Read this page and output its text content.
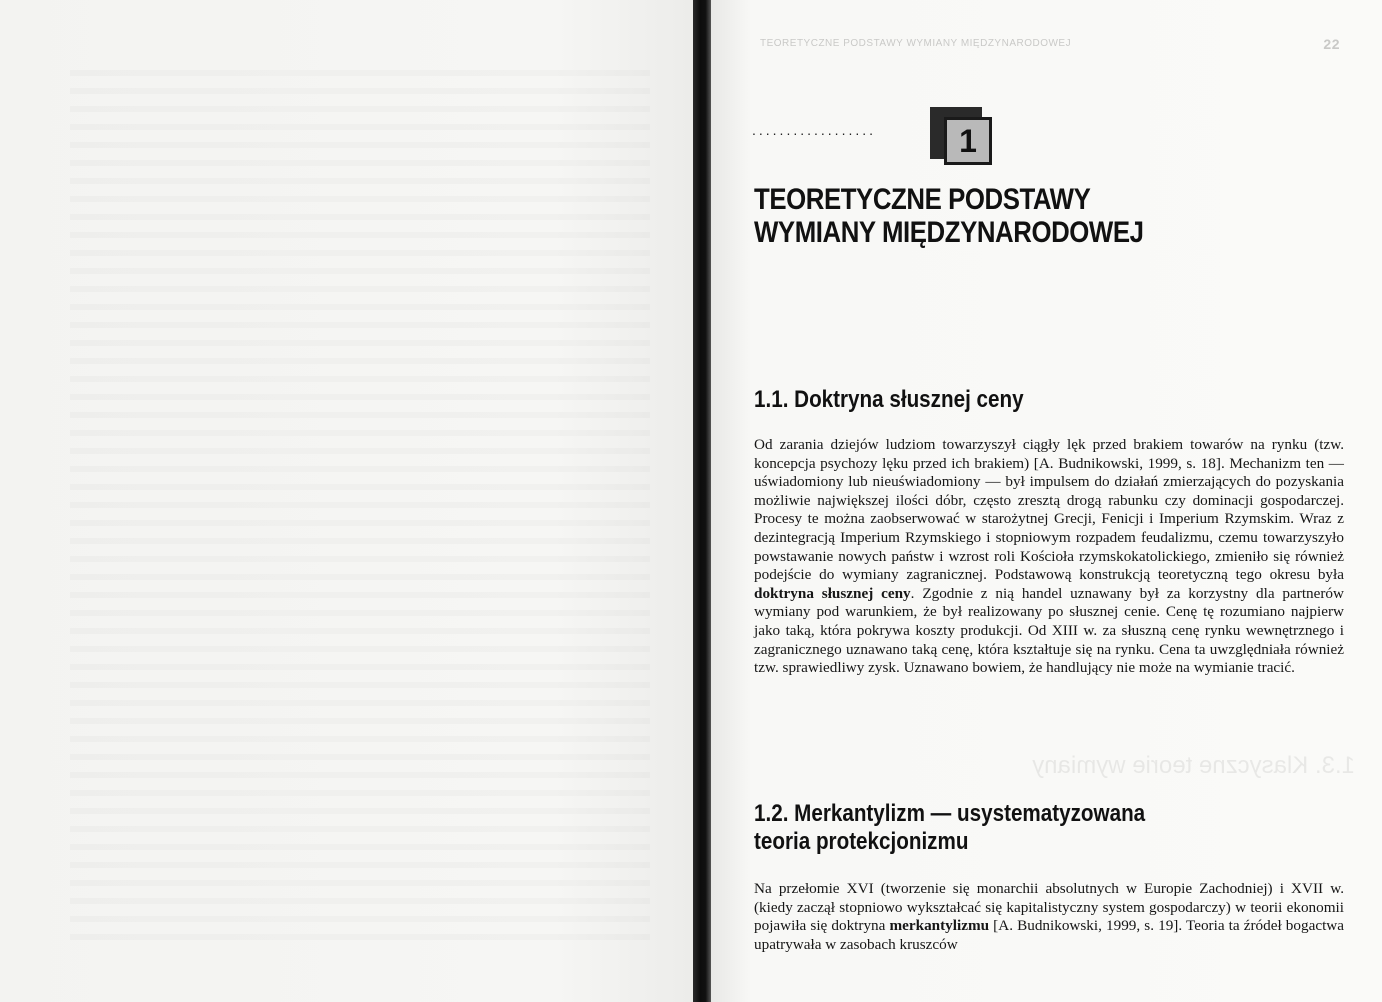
TEORETYCZNE PODSTAWY WYMIANY MIĘDZYNARODOWEJ	22
1.3. Klasyczne teorie wymiany
..................	1
TEORETYCZNE PODSTAWY
WYMIANY MIĘDZYNARODOWEJ
1.1. Doktryna słusznej ceny
Od zarania dziejów ludziom towarzyszył ciągły lęk przed brakiem towarów na rynku (tzw. koncepcja psychozy lęku przed ich brakiem) [A. Budnikowski, 1999, s. 18]. Mechanizm ten — uświadomiony lub nieuświadomiony — był impulsem do działań zmierzających do pozyskania możliwie największej ilości dóbr, często zresztą drogą rabunku czy dominacji gospodarczej. Procesy te można zaobserwować w starożytnej Grecji, Fenicji i Imperium Rzymskim. Wraz z dezintegracją Imperium Rzymskiego i stopniowym rozpadem feudalizmu, czemu towarzyszyło powstawanie nowych państw i wzrost roli Kościoła rzymskokatolickiego, zmieniło się również podejście do wymiany zagranicznej. Podstawową konstrukcją teoretyczną tego okresu była doktryna słusznej ceny. Zgodnie z nią handel uznawany był za korzystny dla partnerów wymiany pod warunkiem, że był realizowany po słusznej cenie. Cenę tę rozumiano najpierw jako taką, która pokrywa koszty produkcji. Od XIII w. za słuszną cenę rynku wewnętrznego i zagranicznego uznawano taką cenę, która kształtuje się na rynku. Cena ta uwzględniała również tzw. sprawiedliwy zysk. Uznawano bowiem, że handlujący nie może na wymianie tracić.
1.2. Merkantylizm — usystematyzowana
teoria protekcjonizmu
Na przełomie XVI (tworzenie się monarchii absolutnych w Europie Zachodniej) i XVII w. (kiedy zaczął stopniowo wykształcać się kapitalistyczny system gospodarczy) w teorii ekonomii pojawiła się doktryna merkantylizmu [A. Budnikowski, 1999, s. 19]. Teoria ta źródeł bogactwa upatrywała w zasobach kruszców
